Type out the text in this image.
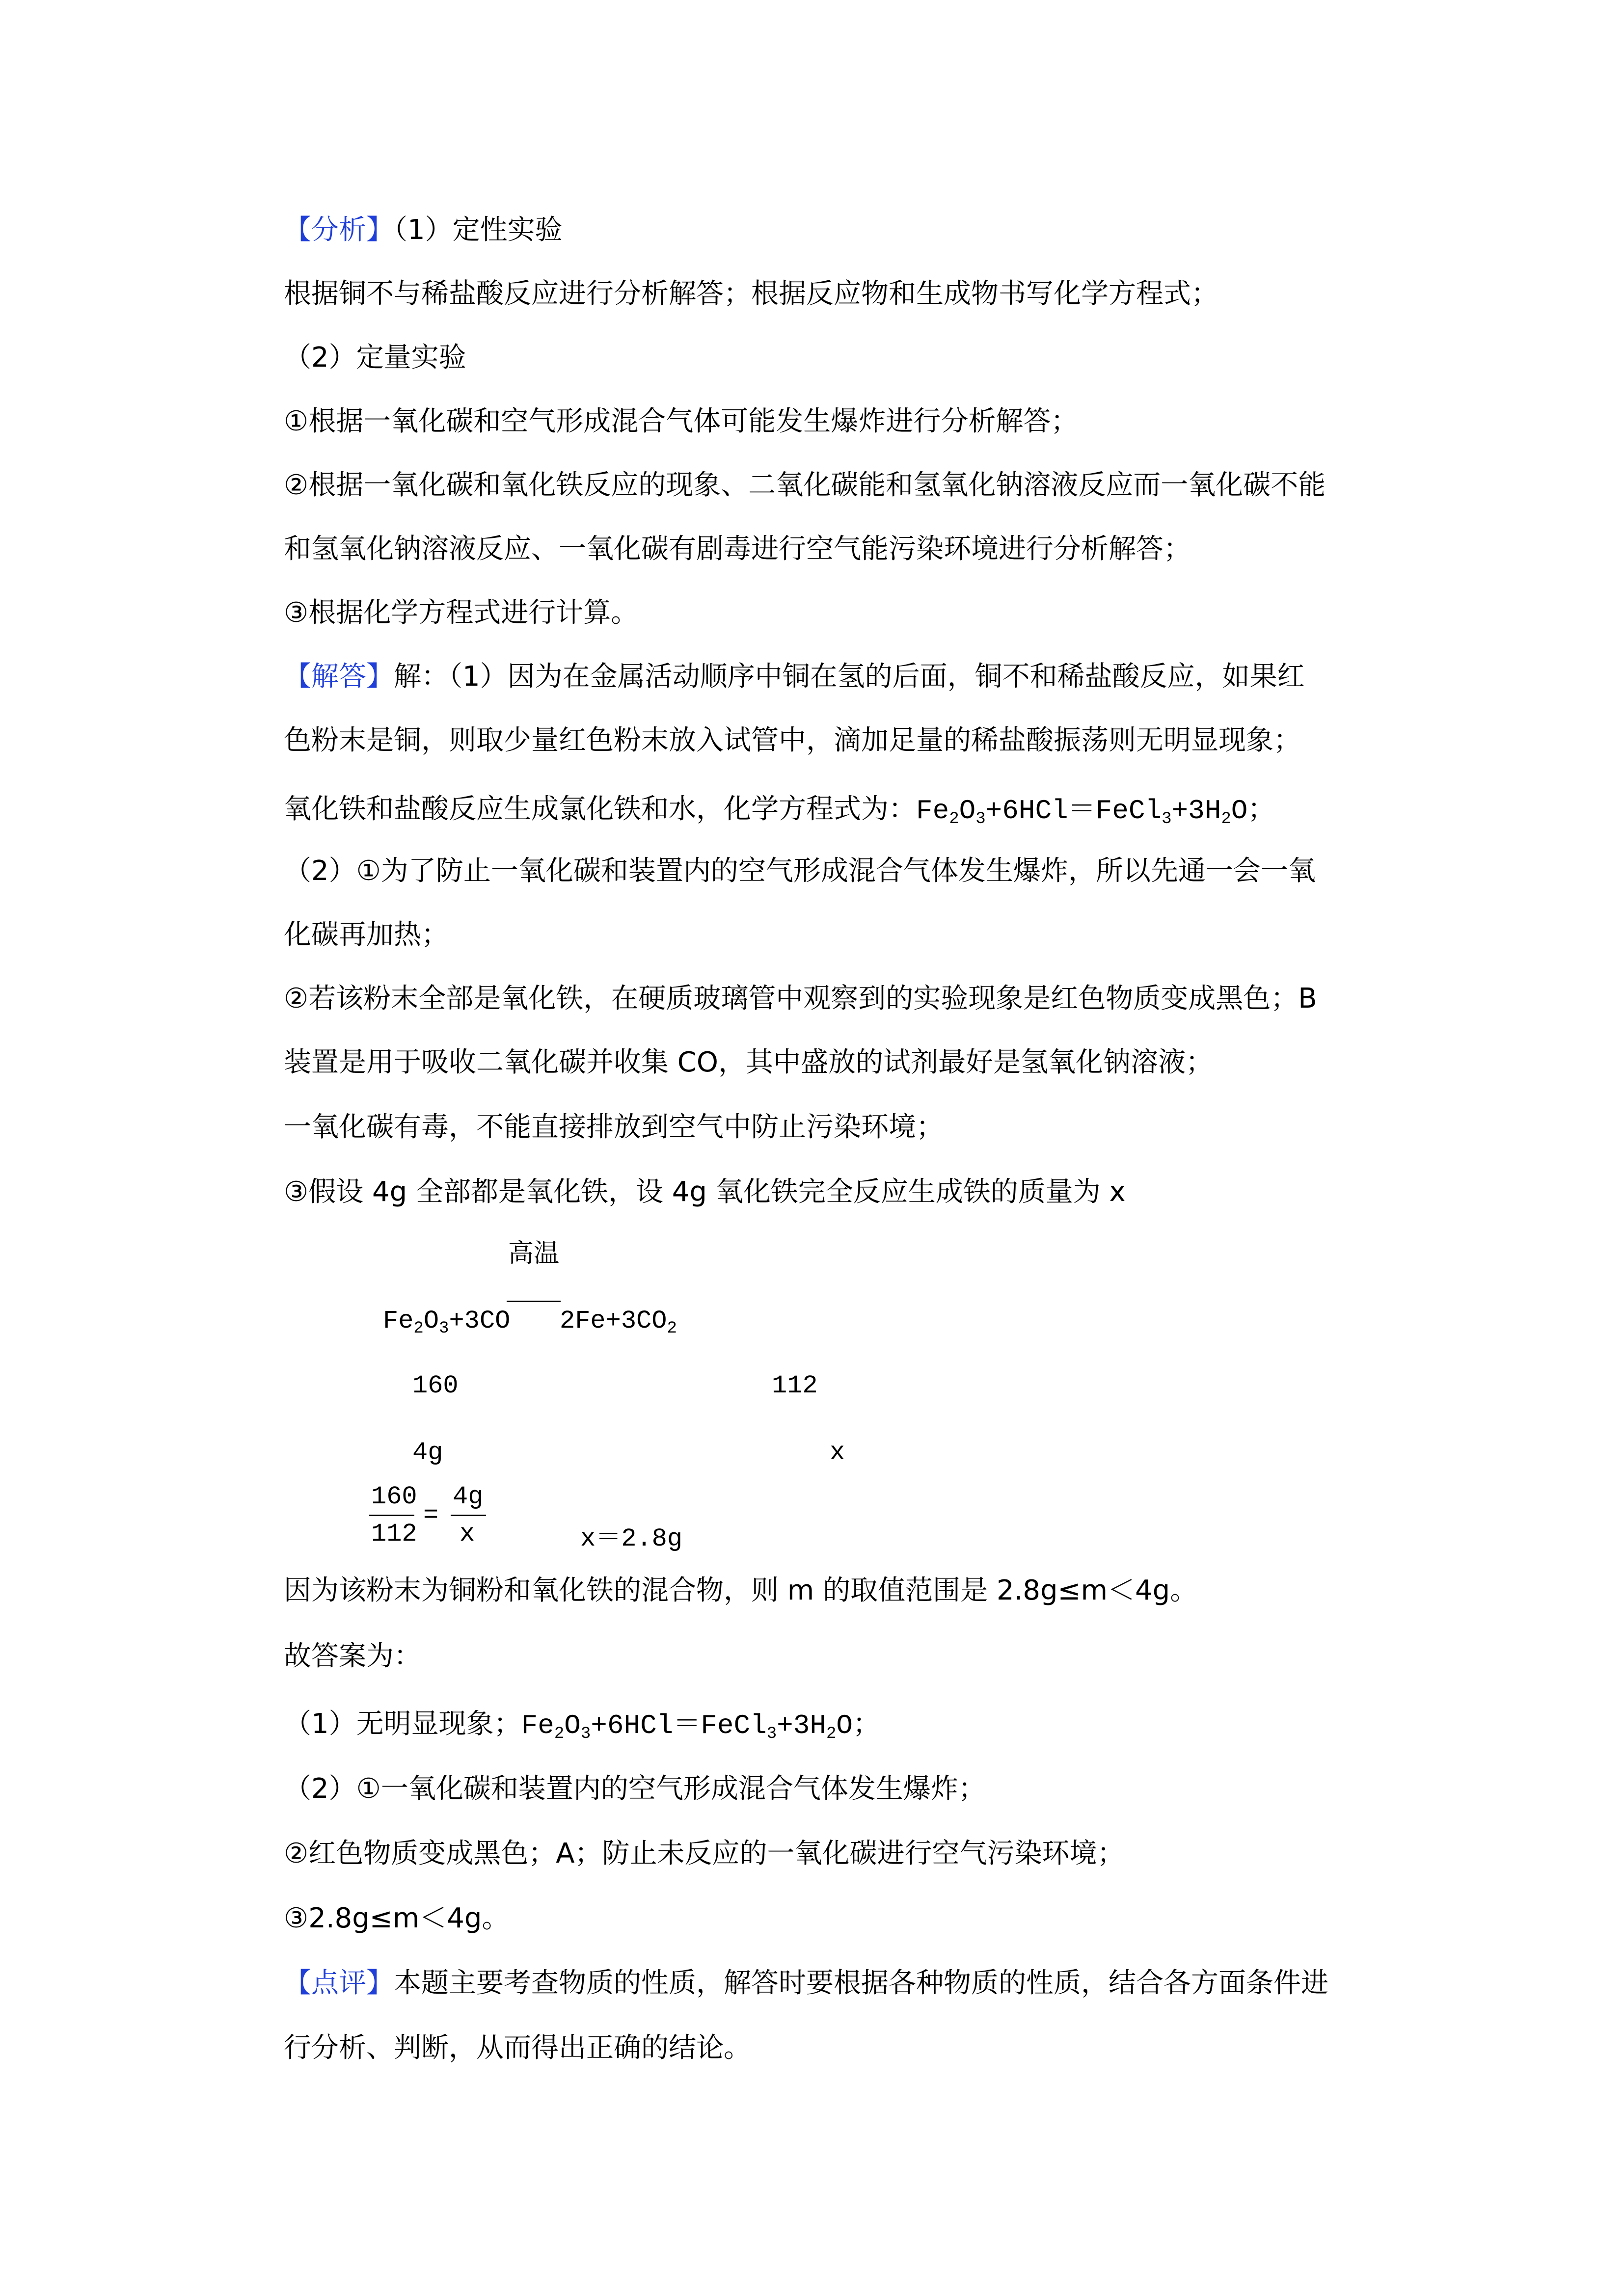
【分析】（1）定性实验
根据铜不与稀盐酸反应进行分析解答；根据反应物和生成物书写化学方程式；
（2）定量实验
①根据一氧化碳和空气形成混合气体可能发生爆炸进行分析解答；
②根据一氧化碳和氧化铁反应的现象、二氧化碳能和氢氧化钠溶液反应而一氧化碳不能
和氢氧化钠溶液反应、一氧化碳有剧毒进行空气能污染环境进行分析解答；
③根据化学方程式进行计算。
【解答】解：（1）因为在金属活动顺序中铜在氢的后面，铜不和稀盐酸反应，如果红
色粉末是铜，则取少量红色粉末放入试管中，滴加足量的稀盐酸振荡则无明显现象；
氧化铁和盐酸反应生成氯化铁和水，化学方程式为：$Fe_2O_3+6HCl=FeCl_3+3H_2O$；
（2）①为了防止一氧化碳和装置内的空气形成混合气体发生爆炸，所以先通一会一氧
化碳再加热；
②若该粉末全部是氧化铁，在硬质玻璃管中观察到的实验现象是红色物质变成黑色；B
装置是用于吸收二氧化碳并收集 CO，其中盛放的试剂最好是氢氧化钠溶液；
一氧化碳有毒，不能直接排放到空气中防止污染环境；
③假设 4g 全部都是氧化铁，设 4g 氧化铁完全反应生成铁的质量为 x
高温
$Fe_2O_3+3CO$ $2Fe+3CO_2$
160	112
4g	x
160
112
=
4g
x	x＝2.8g
因为该粉末为铜粉和氧化铁的混合物，则 m 的取值范围是 2.8g≤m＜4g。
故答案为：
（1）无明显现象；$Fe_2O_3+6HCl=FeCl_3+3H_2O$；
（2）①一氧化碳和装置内的空气形成混合气体发生爆炸；
②红色物质变成黑色；A；防止未反应的一氧化碳进行空气污染环境；
③2.8g≤m＜4g。
【点评】本题主要考查物质的性质，解答时要根据各种物质的性质，结合各方面条件进
行分析、判断，从而得出正确的结论。
